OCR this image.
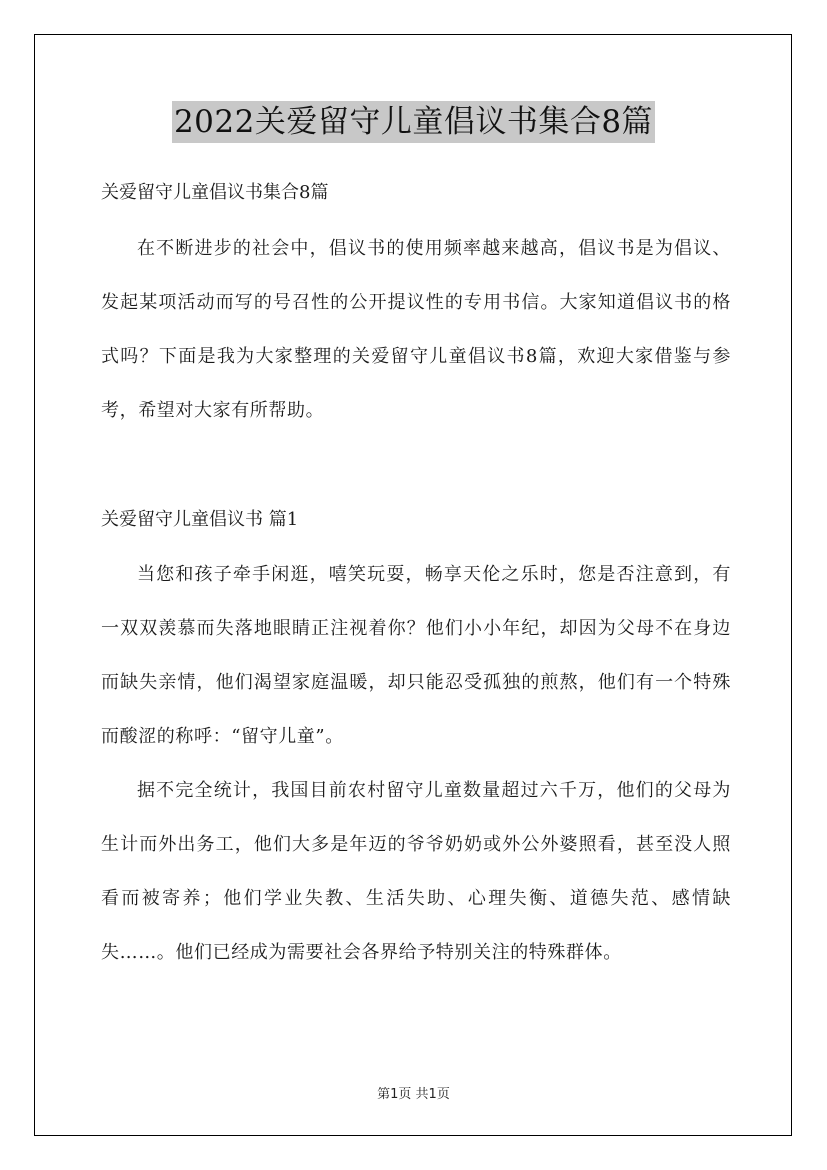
2022关爱留守儿童倡议书集合8篇
关爱留守儿童倡议书集合8篇

在不断进步的社会中，倡议书的使用频率越来越高，倡议书是为倡议、发起某项活动而写的号召性的公开提议性的专用书信。大家知道倡议书的格式吗？下面是我为大家整理的关爱留守儿童倡议书8篇，欢迎大家借鉴与参考，希望对大家有所帮助。

关爱留守儿童倡议书 篇1

当您和孩子牵手闲逛，嘻笑玩耍，畅享天伦之乐时，您是否注意到，有一双双羡慕而失落地眼睛正注视着你？他们小小年纪，却因为父母不在身边而缺失亲情，他们渴望家庭温暖，却只能忍受孤独的煎熬，他们有一个特殊而酸涩的称呼：“留守儿童”。

据不完全统计，我国目前农村留守儿童数量超过六千万，他们的父母为生计而外出务工，他们大多是年迈的爷爷奶奶或外公外婆照看，甚至没人照看而被寄养；他们学业失教、生活失助、心理失衡、道德失范、感情缺失……。他们已经成为需要社会各界给予特别关注的特殊群体。

第1页 共1页
